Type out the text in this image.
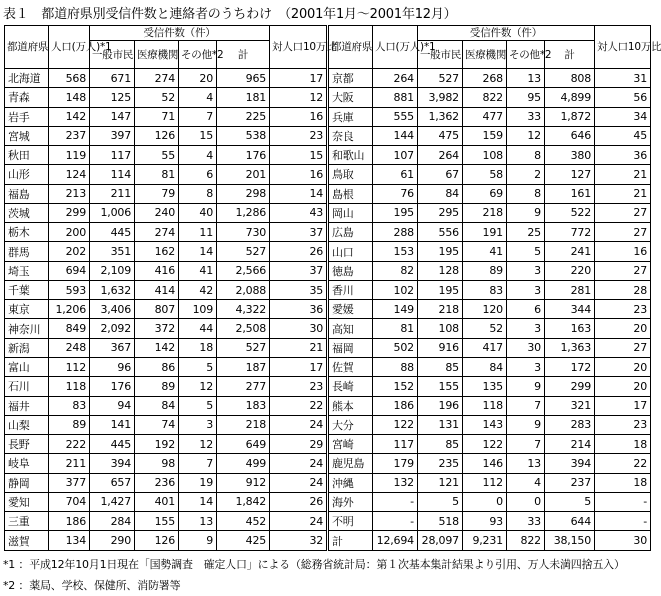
表１　都道府県別受信件数と連絡者のうちわけ　（2001年1月～2001年12月）
都道府県	人口(万人)*1	受信件数（件）				対人口10万比
		一般市民	医療機関	その他*2	計	
北海道	568	671	274	20	965	17
青森	148	125	52	4	181	12
岩手	142	147	71	7	225	16
宮城	237	397	126	15	538	23
秋田	119	117	55	4	176	15
山形	124	114	81	6	201	16
福島	213	211	79	8	298	14
茨城	299	1,006	240	40	1,286	43
栃木	200	445	274	11	730	37
群馬	202	351	162	14	527	26
埼玉	694	2,109	416	41	2,566	37
千葉	593	1,632	414	42	2,088	35
東京	1,206	3,406	807	109	4,322	36
神奈川	849	2,092	372	44	2,508	30
新潟	248	367	142	18	527	21
富山	112	96	86	5	187	17
石川	118	176	89	12	277	23
福井	83	94	84	5	183	22
山梨	89	141	74	3	218	24
長野	222	445	192	12	649	29
岐阜	211	394	98	7	499	24
静岡	377	657	236	19	912	24
愛知	704	1,427	401	14	1,842	26
三重	186	284	155	13	452	24
滋賀	134	290	126	9	425	32
都道府県	人口(万人)*1	受信件数（件）				対人口10万比
		一般市民	医療機関	その他*2	計	
京都	264	527	268	13	808	31
大阪	881	3,982	822	95	4,899	56
兵庫	555	1,362	477	33	1,872	34
奈良	144	475	159	12	646	45
和歌山	107	264	108	8	380	36
鳥取	61	67	58	2	127	21
島根	76	84	69	8	161	21
岡山	195	295	218	9	522	27
広島	288	556	191	25	772	27
山口	153	195	41	5	241	16
徳島	82	128	89	3	220	27
香川	102	195	83	3	281	28
愛媛	149	218	120	6	344	23
高知	81	108	52	3	163	20
福岡	502	916	417	30	1,363	27
佐賀	88	85	84	3	172	20
長崎	152	155	135	9	299	20
熊本	186	196	118	7	321	17
大分	122	131	143	9	283	23
宮崎	117	85	122	7	214	18
鹿児島	179	235	146	13	394	22
沖縄	132	121	112	4	237	18
海外	-	5	0	0	5	-
不明	-	518	93	33	644	-
計	12,694	28,097	9,231	822	38,150	30
*1 ：平成12年10月1日現在「国勢調査　確定人口」による（総務省統計局：第１次基本集計結果より引用、万人未満四捨五入）
*2 ：薬局、学校、保健所、消防署等
